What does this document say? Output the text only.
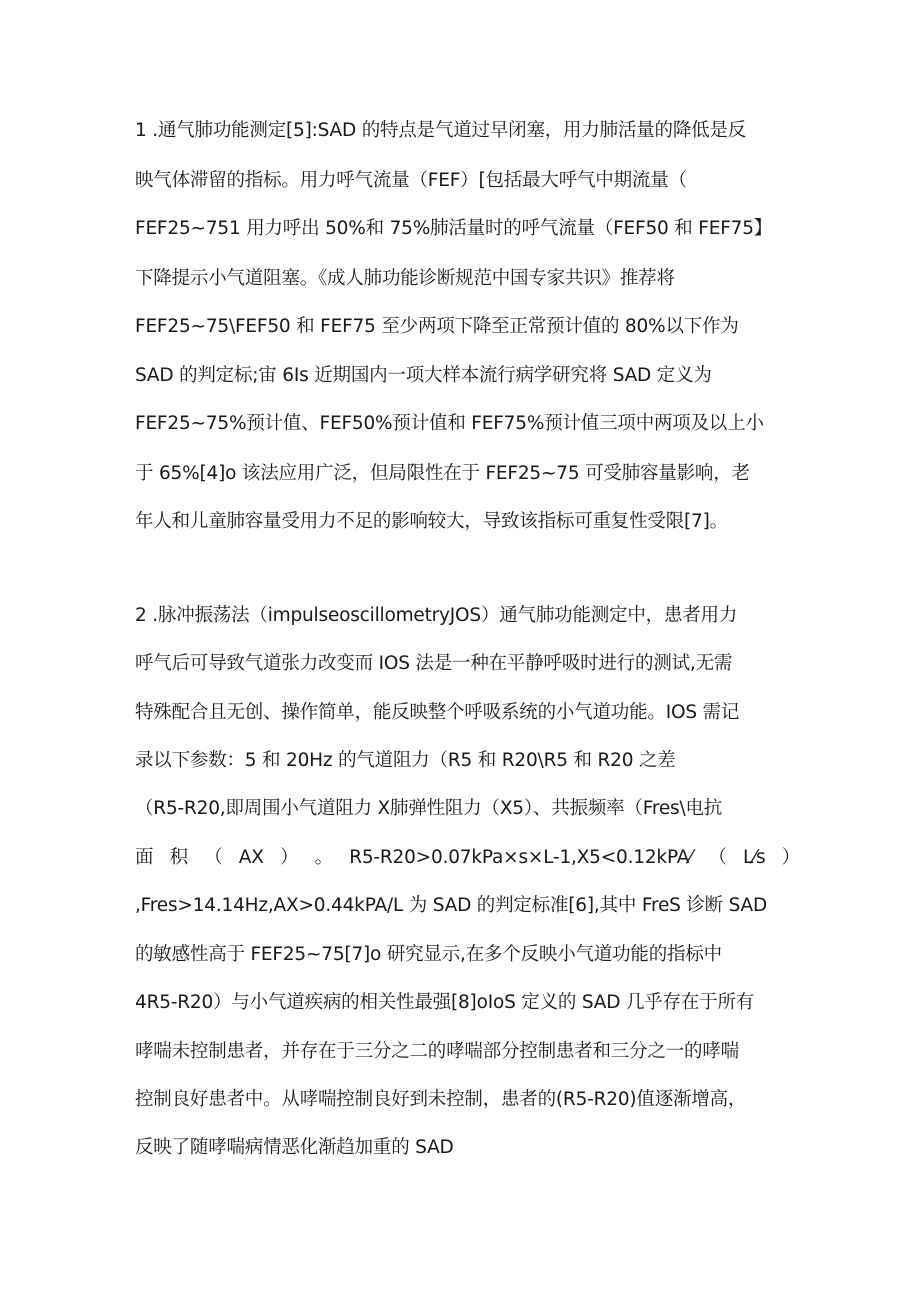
1 .通气肺功能测定[5]:SAD 的特点是气道过早闭塞，用力肺活量的降低是反
映气体滞留的指标。用力呼气流量（FEF）[包括最大呼气中期流量（
FEF25~751 用力呼出 50%和 75%肺活量时的呼气流量（FEF50 和 FEF75】
下降提示小气道阻塞。《成人肺功能诊断规范中国专家共识》推荐将
FEF25~75\FEF50 和 FEF75 至少两项下降至正常预计值的 80%以下作为
SAD 的判定标;宙 6Is 近期国内一项大样本流行病学研究将 SAD 定义为
FEF25~75%预计值、FEF50%预计值和 FEF75%预计值三项中两项及以上小
于 65%[4]o 该法应用广泛，但局限性在于 FEF25~75 可受肺容量影响，老
年人和儿童肺容量受用力不足的影响较大，导致该指标可重复性受限[7]。
2 .脉冲振荡法（impulseoscillometryJOS）通气肺功能测定中，患者用力
呼气后可导致气道张力改变而 IOS 法是一种在平静呼吸时进行的测试,无需
特殊配合且无创、操作简单，能反映整个呼吸系统的小气道功能。IOS 需记
录以下参数：5 和 20Hz 的气道阻力（R5 和 R20\R5 和 R20 之差
（R5-R20,即周围小气道阻力 X肺弹性阻力（X5）、共振频率（Fres\电抗
面 积 （ AX ） 。 R5-R20>0.07kPa×s×L-1,X5<0.12kPA⁄ （ L⁄s ）
,Fres>14.14Hz,AX>0.44kPA/L 为 SAD 的判定标准[6],其中 FreS 诊断 SAD
的敏感性高于 FEF25~75[7]o 研究显示,在多个反映小气道功能的指标中
4R5-R20）与小气道疾病的相关性最强[8]oIoS 定义的 SAD 几乎存在于所有
哮喘未控制患者，并存在于三分之二的哮喘部分控制患者和三分之一的哮喘
控制良好患者中。从哮喘控制良好到未控制，患者的(R5-R20)值逐渐增高，
反映了随哮喘病情恶化渐趋加重的 SAD
